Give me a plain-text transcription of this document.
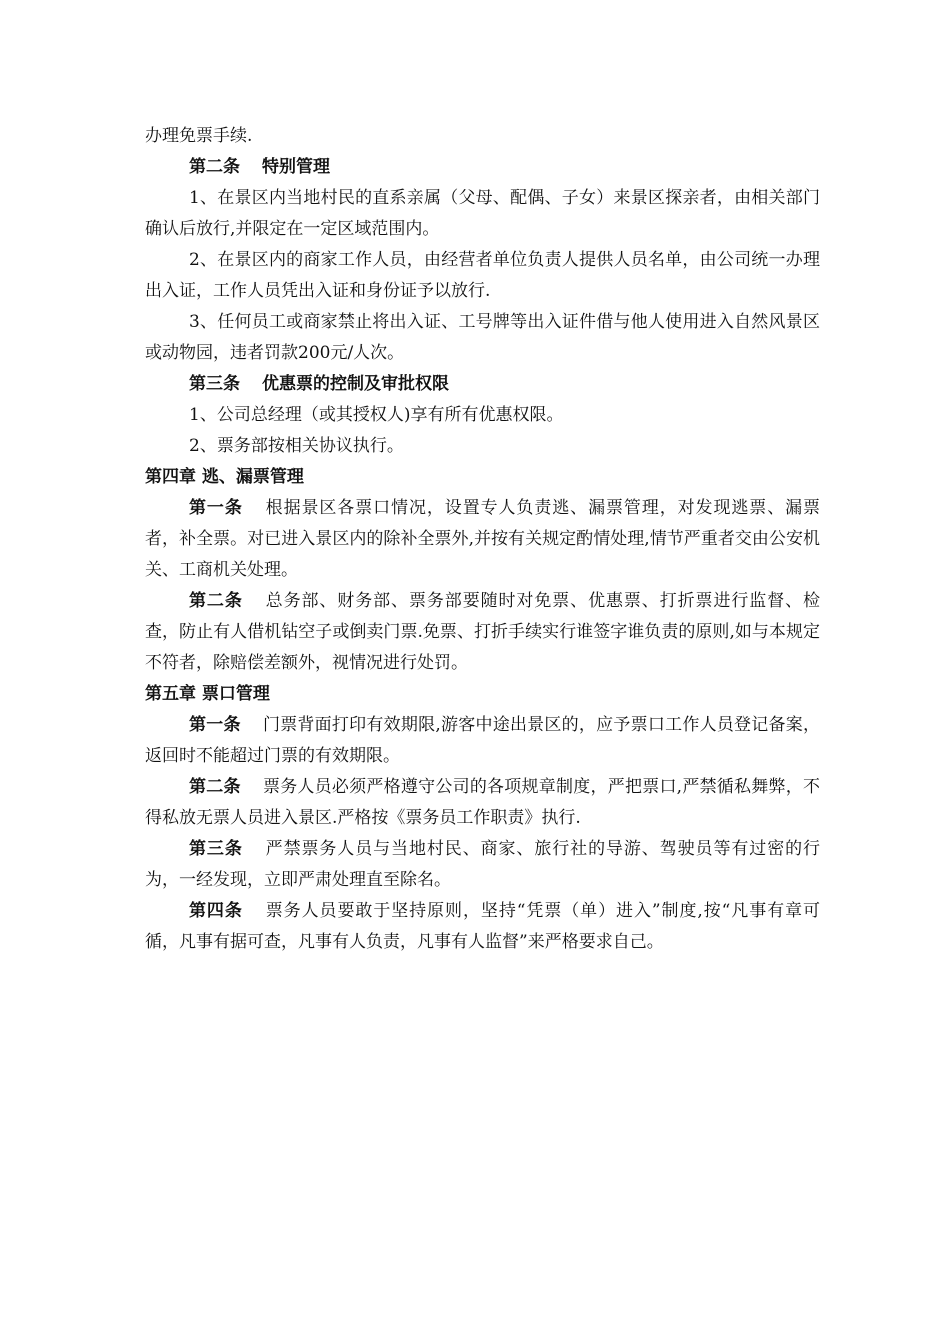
办理免票手续.

第二条 特别管理

1、在景区内当地村民的直系亲属（父母、配偶、子女）来景区探亲者，由相关部门确认后放行,并限定在一定区域范围内。

2、在景区内的商家工作人员，由经营者单位负责人提供人员名单，由公司统一办理出入证，工作人员凭出入证和身份证予以放行.

3、任何员工或商家禁止将出入证、工号牌等出入证件借与他人使用进入自然风景区或动物园，违者罚款200元/人次。

第三条 优惠票的控制及审批权限

1、公司总经理（或其授权人)享有所有优惠权限。

2、票务部按相关协议执行。

第四章 逃、漏票管理

第一条 根据景区各票口情况，设置专人负责逃、漏票管理，对发现逃票、漏票者，补全票。对已进入景区内的除补全票外,并按有关规定酌情处理,情节严重者交由公安机关、工商机关处理。

第二条 总务部、财务部、票务部要随时对免票、优惠票、打折票进行监督、检查，防止有人借机钻空子或倒卖门票.免票、打折手续实行谁签字谁负责的原则,如与本规定不符者，除赔偿差额外，视情况进行处罚。

第五章 票口管理

第一条 门票背面打印有效期限,游客中途出景区的，应予票口工作人员登记备案，返回时不能超过门票的有效期限。

第二条 票务人员必须严格遵守公司的各项规章制度，严把票口,严禁循私舞弊，不得私放无票人员进入景区.严格按《票务员工作职责》执行.

第三条 严禁票务人员与当地村民、商家、旅行社的导游、驾驶员等有过密的行为，一经发现，立即严肃处理直至除名。

第四条 票务人员要敢于坚持原则，坚持“凭票（单）进入”制度,按“凡事有章可循，凡事有据可查，凡事有人负责，凡事有人监督”来严格要求自己。
